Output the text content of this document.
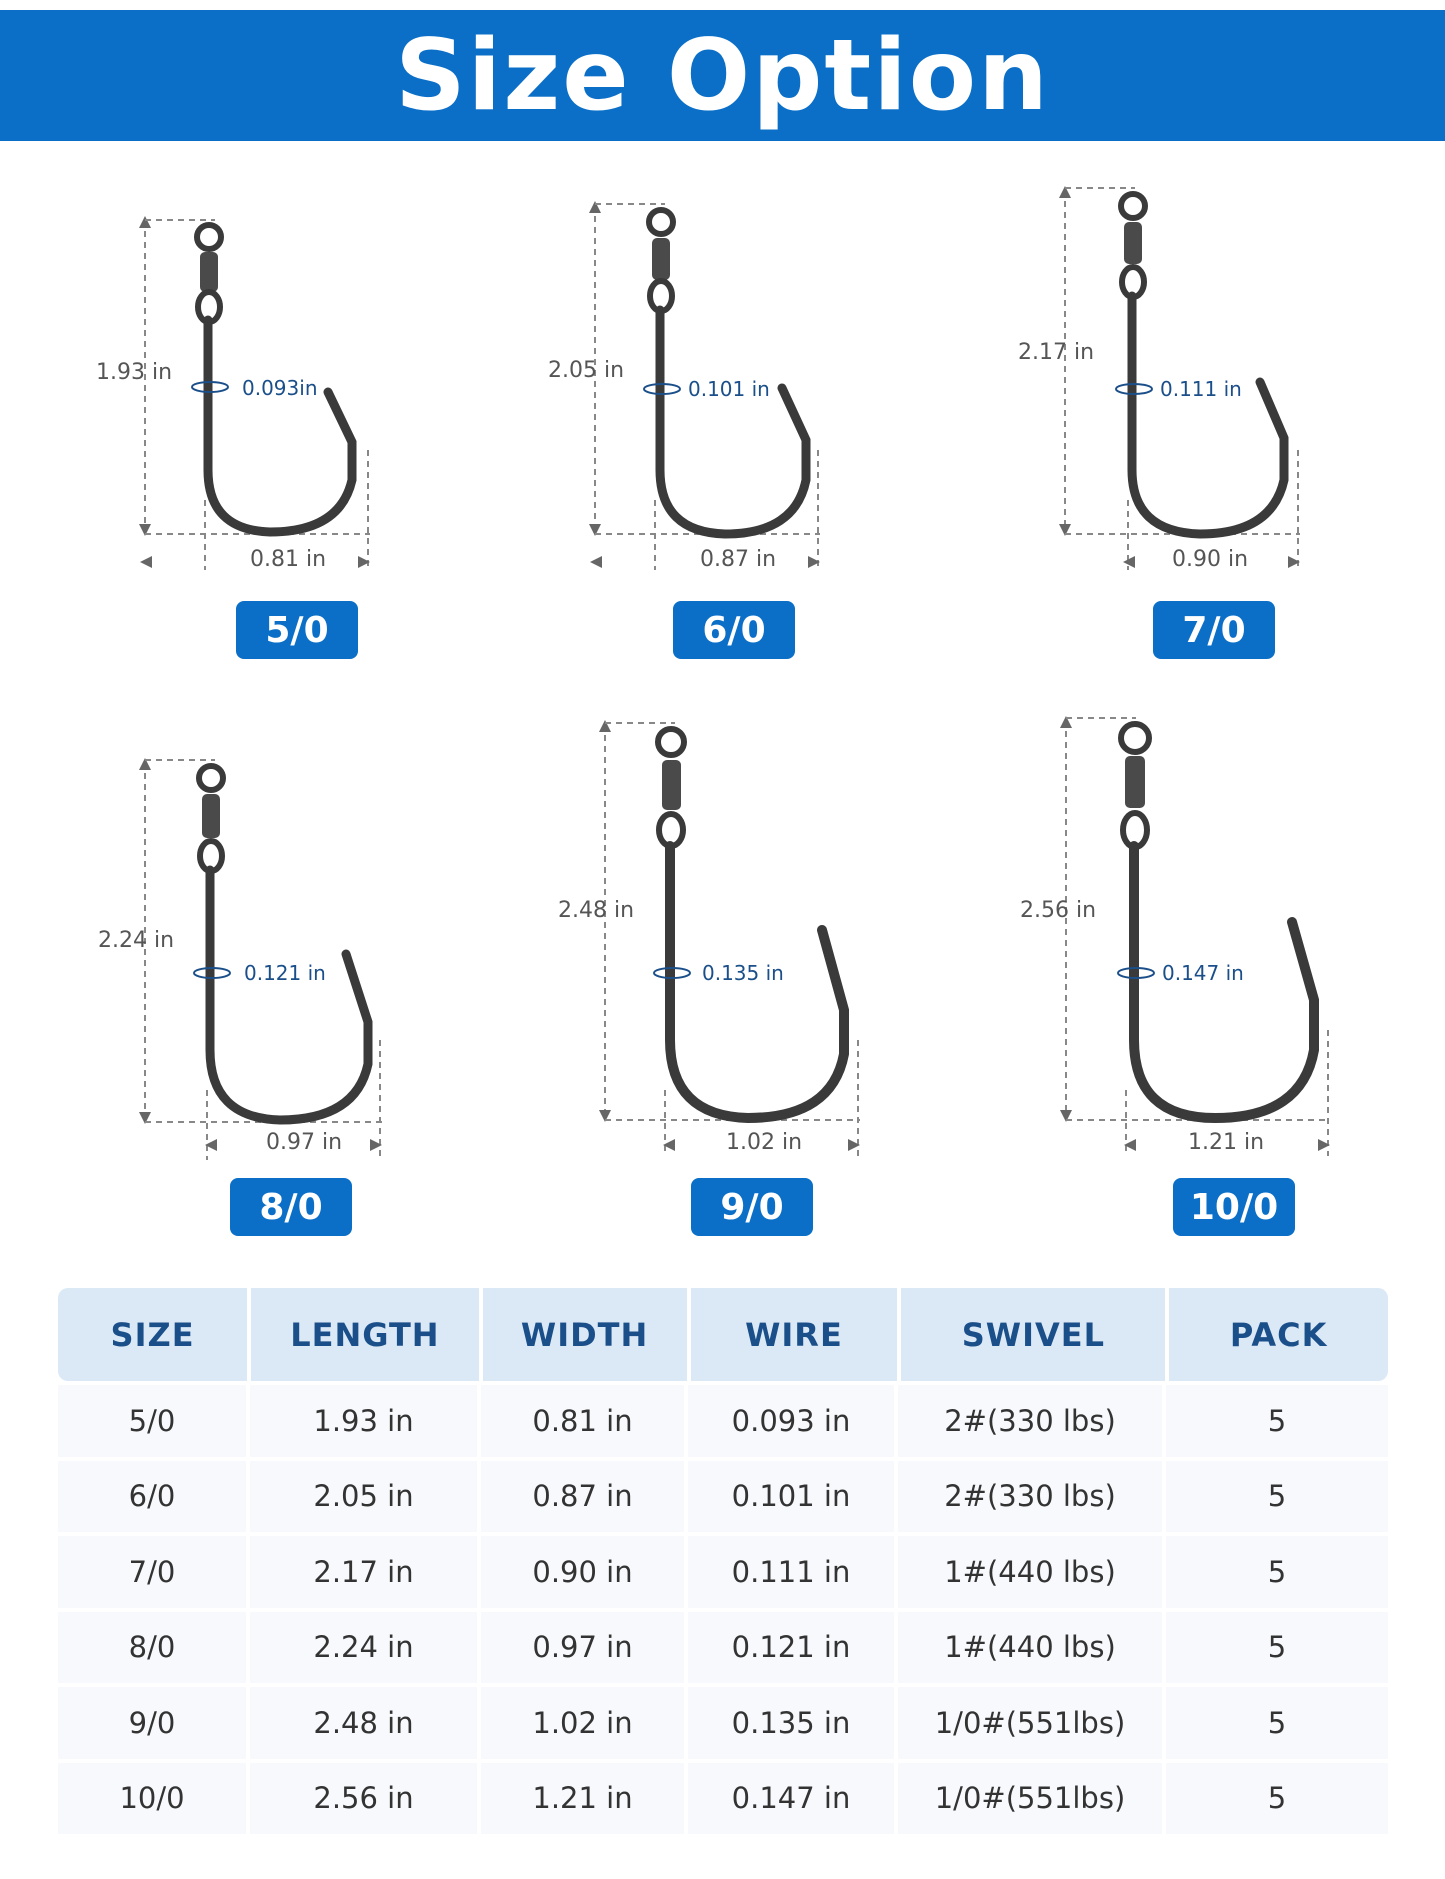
Size Option
1.93 in
0.093in
0.81 in
5/0
2.05 in
0.101 in
0.87 in
6/0
2.17 in
0.111 in
0.90 in
7/0
2.24 in
0.121 in
0.97 in
8/0
2.48 in
0.135 in
1.02 in
9/0
2.56 in
0.147 in
1.21 in
10/0
SIZE	LENGTH	WIDTH	WIRE	SWIVEL	PACK
5/0	1.93 in	0.81 in	0.093 in	2#(330 lbs)	5
6/0	2.05 in	0.87 in	0.101 in	2#(330 lbs)	5
7/0	2.17 in	0.90 in	0.111 in	1#(440 lbs)	5
8/0	2.24 in	0.97 in	0.121 in	1#(440 lbs)	5
9/0	2.48 in	1.02 in	0.135 in	1/0#(551lbs)	5
10/0	2.56 in	1.21 in	0.147 in	1/0#(551lbs)	5
